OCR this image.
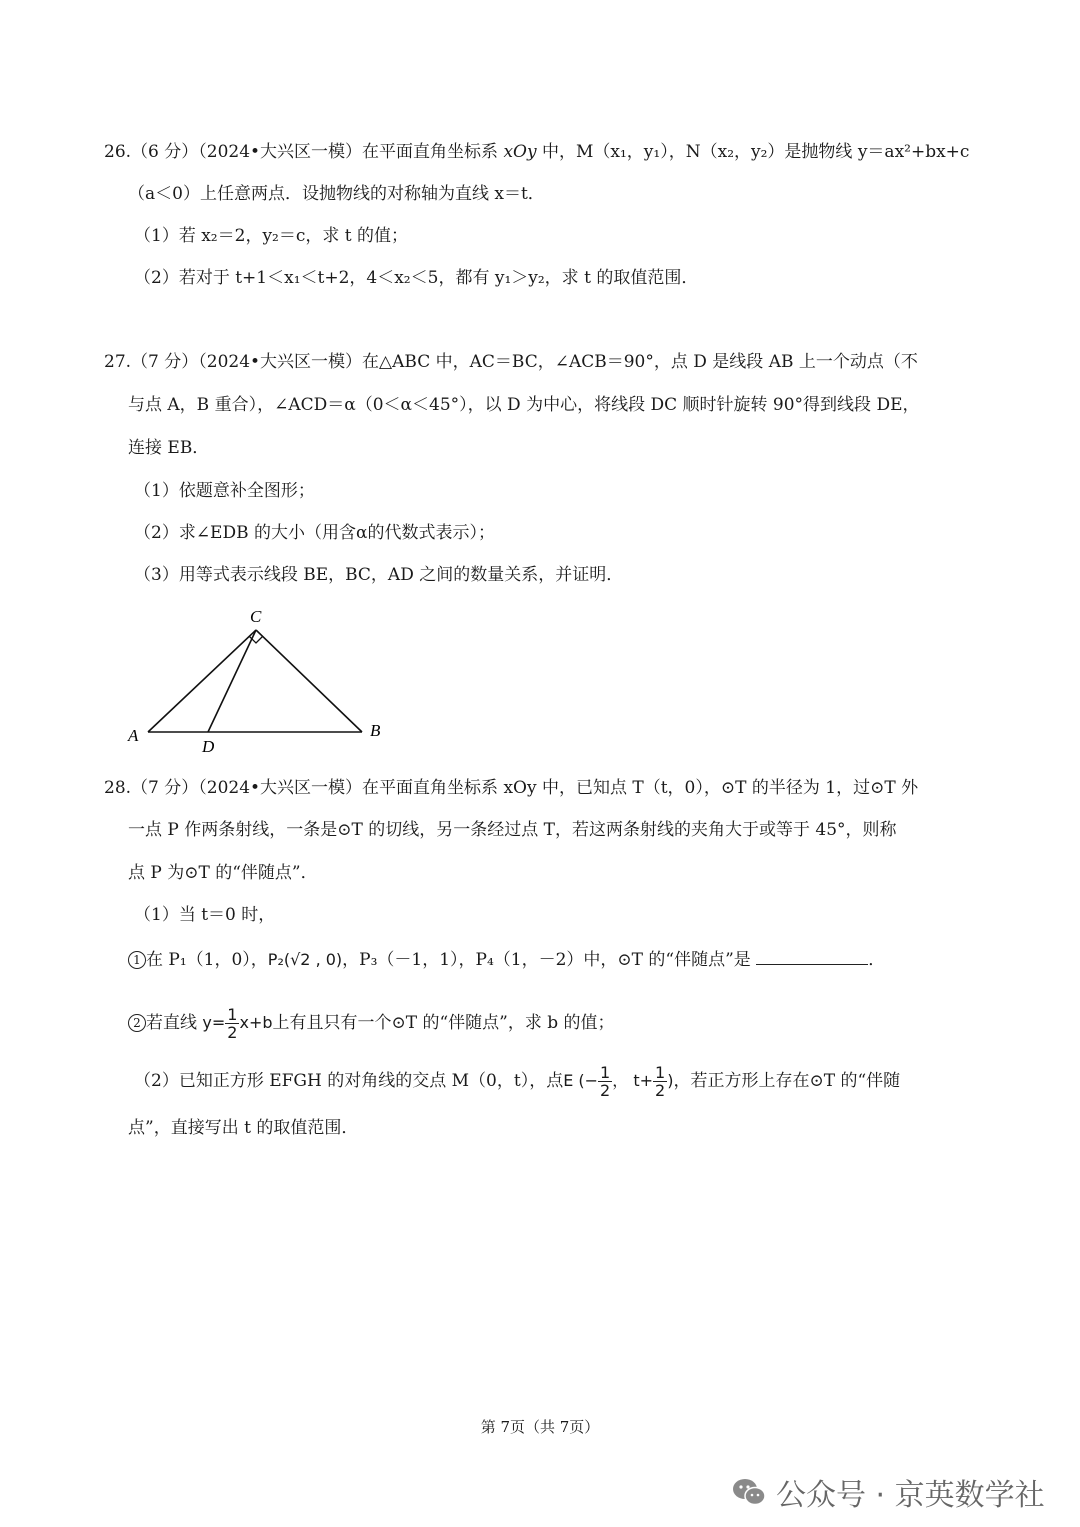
26.（6 分）（2024•大兴区一模）在平面直角坐标系 xOy 中，M（x₁，y₁），N（x₂，y₂）是抛物线 y＝ax²+bx+c
（a＜0）上任意两点．设抛物线的对称轴为直线 x＝t．
（1）若 x₂＝2，y₂＝c，求 t 的值；
（2）若对于 t+1＜x₁＜t+2，4＜x₂＜5，都有 y₁＞y₂，求 t 的取值范围．
27.（7 分）（2024•大兴区一模）在△ABC 中，AC＝BC，∠ACB＝90°，点 D 是线段 AB 上一个动点（不
与点 A，B 重合），∠ACD＝α（0＜α＜45°），以 D 为中心，将线段 DC 顺时针旋转 90°得到线段 DE，
连接 EB．
（1）依题意补全图形；
（2）求∠EDB 的大小（用含α的代数式表示）；
（3）用等式表示线段 BE，BC，AD 之间的数量关系，并证明．
C
A	B
D
28.（7 分）（2024•大兴区一模）在平面直角坐标系 xOy 中，已知点 T（t，0），⊙T 的半径为 1，过⊙T 外
一点 P 作两条射线，一条是⊙T 的切线，另一条经过点 T，若这两条射线的夹角大于或等于 45°，则称
点 P 为⊙T 的“伴随点”．
（1）当 t＝0 时，
1 在 P₁（1，0），P₂(√2 , 0)，P₃（－1，1），P₄（1，－2）中，⊙T 的“伴随点”是	．
2 若直线 $y= \frac{1}{2} x+b$上有且只有一个⊙T 的“伴随点”，求 b 的值；
（2）已知正方形 EFGH 的对角线的交点 M（0，t），点E (− $\frac{1}{2}$ ， $t+ \frac{1}{2}$ )，若正方形上存在⊙T 的“伴随
点”，直接写出 t 的取值范围．
第 7页（共 7页）
公众号 · 京英数学社
